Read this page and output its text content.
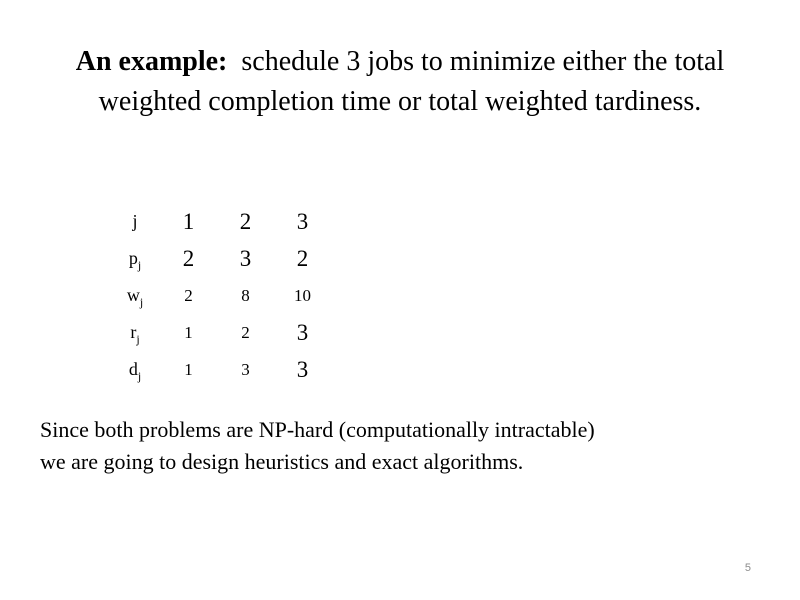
An example: schedule 3 jobs to minimize either the total weighted completion time or total weighted tardiness.
j	1	2	3
$p_j$	2	3	2
$w_j$	2	8	10
$r_j$	1	2	3
$d_j$	1	3	3
Since both problems are NP-hard (computationally intractable)
we are going to design heuristics and exact algorithms.
5
